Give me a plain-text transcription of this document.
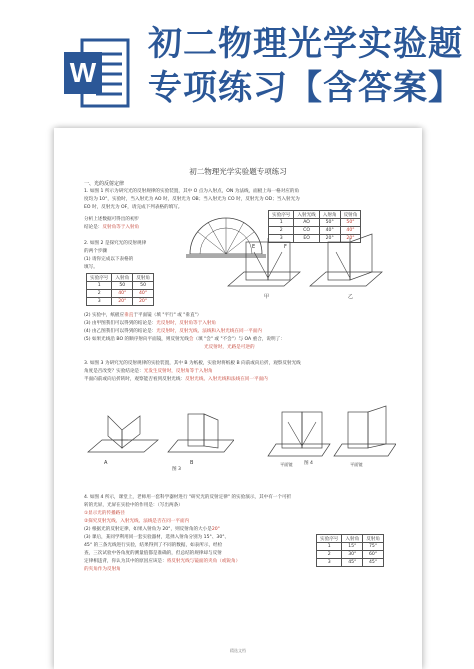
W
初二物理光学实验题专项练习【含答案】
初二物理光学实验题专项练习
一、光的反射定律
1. 如图 1 所示为研究光的反射规律的实验装置，其中 O 点为入射点，ON 为法线，面板上每一格对应的角
度均为 10°，实验时，当入射光为 AO 时，反射光为 OB；当入射光为 CO 时，反射光为 OD；当入射光为
EO 时，反射光为 OF，请完成下列表格的填写。
实验序号	入射光线	入射角	反射角
1	AO	50°	50°
2	CO	40°	40°
3	EO	20°	20°
分析上述数据可得出的初步
结论是：反射角等于入射角
2. 如图 2 是探究光的反射规律
的两个步骤
(1) 请你完成以下表格的
填写。
实验序号	入射角	反射角
1	50	50
2	40°	40°
3	20°	20°
E	F
甲	乙
(2) 实验中，纸板应垂直于平面镜（填 "平行" 或 "垂直"）
(3) 由甲图我们可以得到的结论是：光反射时，反射角等于入射角
(4) 由乙图我们可以得到的结论是：光反射时，反射光线、法线和入射光线在同一平面内
(5) 如果光线沿 BO 的顺序射向平面镜，则反射光线会（填 "会" 或 "不会"）与 OA 重合，说明了：
光反射时，光路是可逆的
3. 如图 3 为研究光的反射规律的实验装置，其中 B 为纸板，实验时将纸板 B 向前或向后折，观察反射光线
角度是否改变？实验结论是：光发生反射时，反射角等于入射角
半面向前或向后折转时，观察能否看到反射光线：反射光线、入射光线和法线在同一平面内
A	B
图 3
平面镜	平面镜
图 4
4. 如图 4 所示，课堂上，老师用一套科学器材进行 "研究光的反射定律" 的实验演示，其中有一个可折
转的光屏，光屏在实验中的作用是：（写出两条）
①显示光的传播路径
②探究反射光线、入射光线、法线是否在同一平面内
(2) 根据光的反射定律，如果入射角为 20°，则反射角的大小是20°
(3) 课后，某同学利用同一套实验器材，选择入射角分别为 15°、30°、
45° 的三条光线进行实验，结果得到了不同的数据，如表所示，经检
查，三次试验中各角度的测量值都是准确的，但总结的规律却与反射
定律相违背，你认为其中的原因应该是：将反射光线与镜面的夹角（或锐角）
的夹角作为反射角
实验序号	入射角	反射角
1	15°	75°
2	30°	60°
3	45°	45°
精选文档
